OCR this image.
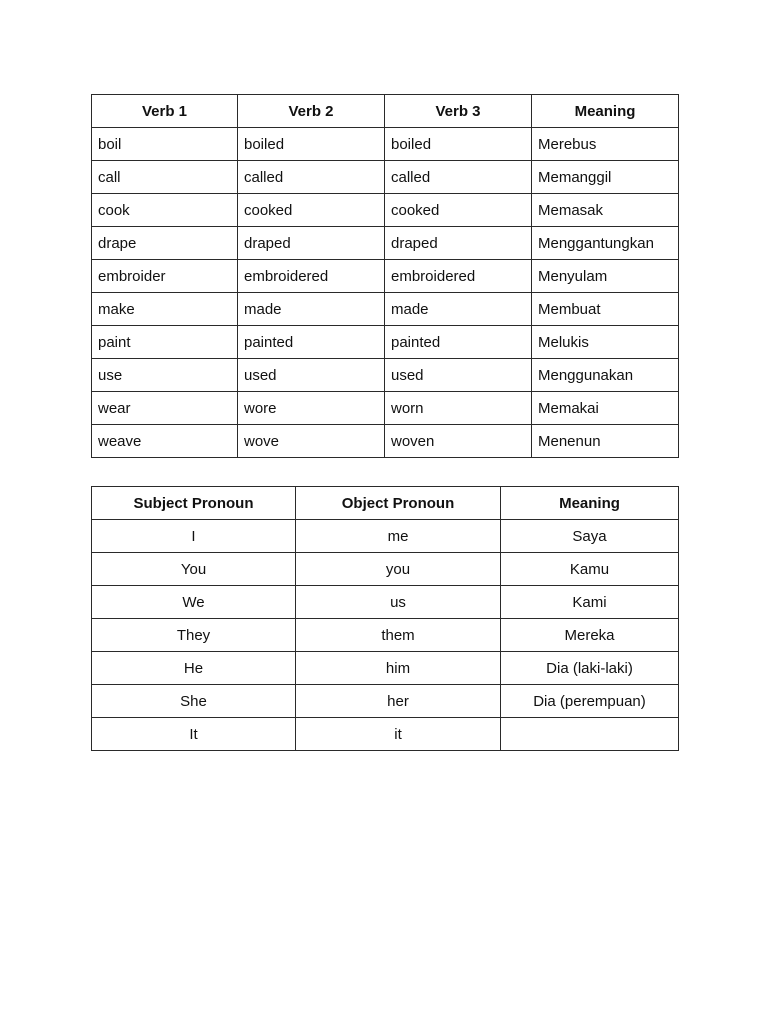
Verb 1	Verb 2	Verb 3	Meaning
boil	boiled	boiled	Merebus
call	called	called	Memanggil
cook	cooked	cooked	Memasak
drape	draped	draped	Menggantungkan
embroider	embroidered	embroidered	Menyulam
make	made	made	Membuat
paint	painted	painted	Melukis
use	used	used	Menggunakan
wear	wore	worn	Memakai
weave	wove	woven	Menenun
Subject Pronoun	Object Pronoun	Meaning
I	me	Saya
You	you	Kamu
We	us	Kami
They	them	Mereka
He	him	Dia (laki-laki)
She	her	Dia (perempuan)
It	it	
